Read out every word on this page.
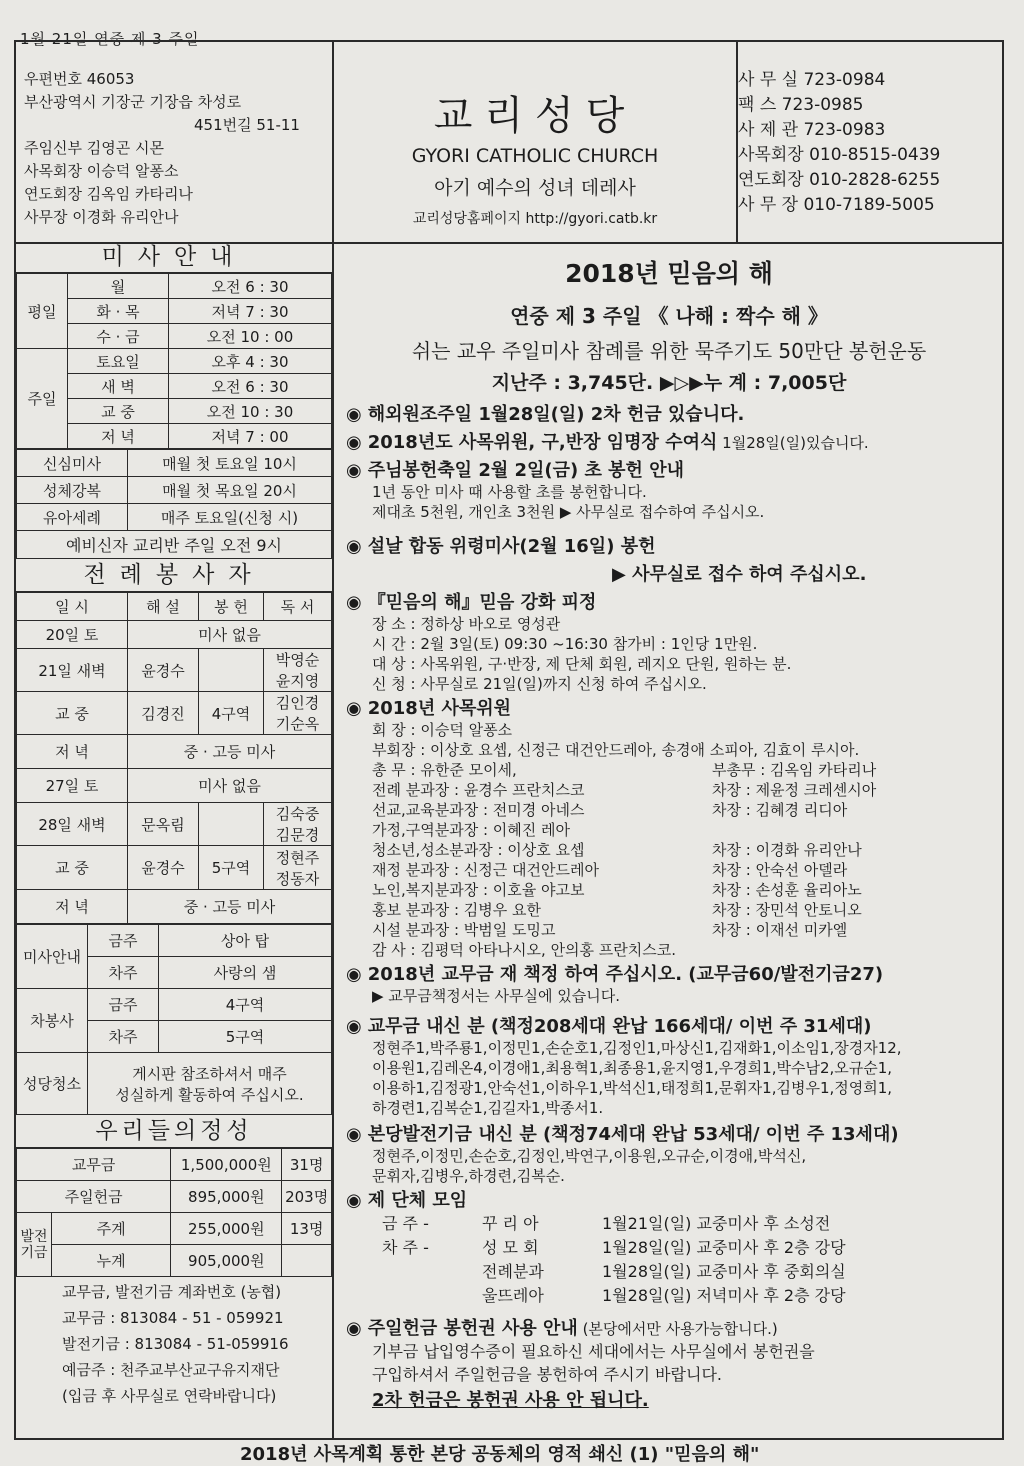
1월 21일 연중 제 3 주일
우편번호 46053
부산광역시 기장군 기장읍 차성로
451번길 51-11
주임신부 김영곤 시몬
사목회장 이승덕 알퐁소
연도회장 김옥임 카타리나
사무장 이경화 유리안나
교리성당
GYORI CATHOLIC CHURCH
아기 예수의 성녀 데레사
교리성당홈페이지 http://gyori.catb.kr
사 무 실 723-0984
팩 스 723-0985
사 제 관 723-0983
사목회장 010-8515-0439
연도회장 010-2828-6255
사 무 장 010-7189-5005
미사안내
평일	월	오전 6 : 30
	화 · 목	저녁 7 : 30
	수 · 금	오전 10 : 00
주일	토요일	오후 4 : 30
	새 벽	오전 6 : 30
	교 중	오전 10 : 30
	저 녁	저녁 7 : 00
신심미사	매월 첫 토요일 10시
성체강복	매월 첫 목요일 20시
유아세례	매주 토요일(신청 시)
예비신자 교리반 주일 오전 9시	
전례봉사자
일 시	해 설	봉 헌	독 서
20일 토	미사 없음		
21일 새벽	윤경수		박영순
윤지영

교 중	김경진	4구역	김인경
기순옥

저 녁	중 · 고등 미사		
27일 토	미사 없음		
28일 새벽	문옥림		김숙중
김문경

교 중	윤경수	5구역	정현주
정동자

저 녁	중 · 고등 미사		
미사안내	금주	상아 탑
	차주	사랑의 샘
차봉사	금주	4구역
	차주	5구역
성당청소	게시판 참조하셔서 매주
성실하게 활동하여 주십시오.	
우리들의정성
교무금		1,500,000원	31명
주일헌금		895,000원	203명
발전기금	주계	255,000원	13명
	누계	905,000원	
교무금, 발전기금 계좌번호 (농협)
교무금 : 813084 - 51 - 059921
발전기금 : 813084 - 51-059916
예금주 : 천주교부산교구유지재단
(입금 후 사무실로 연락바랍니다)
2018년 믿음의 해
연중 제 3 주일 《 나해 : 짝수 해 》
쉬는 교우 주일미사 참례를 위한 묵주기도 50만단 봉헌운동
지난주 : 3,745단. ▶▷▶누 계 : 7,005단
◉ 해외원조주일 1월28일(일) 2차 헌금 있습니다.
◉ 2018년도 사목위원, 구,반장 임명장 수여식 1월28일(일)있습니다.
◉ 주님봉헌축일 2월 2일(금) 초 봉헌 안내
1년 동안 미사 때 사용할 초를 봉헌합니다.
제대초 5천원, 개인초 3천원 ▶ 사무실로 접수하여 주십시오.
◉ 설날 합동 위령미사(2월 16일) 봉헌
▶ 사무실로 접수 하여 주십시오.
◉ 『믿음의 해』믿음 강화 피정
장 소 : 정하상 바오로 영성관
시 간 : 2월 3일(토) 09:30 ~16:30 참가비 : 1인당 1만원.
대 상 : 사목위원, 구·반장, 제 단체 회원, 레지오 단원, 원하는 분.
신 청 : 사무실로 21일(일)까지 신청 하여 주십시오.
◉ 2018년 사목위원
회 장 : 이승덕 알퐁소
부회장 : 이상호 요셉, 신정근 대건안드레아, 송경애 소피아, 김효이 루시아.
총 무 : 유한준 모이세,	부총무 : 김옥임 카타리나
전례 분과장 : 윤경수 프란치스코	차장 : 제윤정 크레센시아
선교,교육분과장 : 전미경 아네스	차장 : 김혜경 리디아
가정,구역분과장 : 이혜진 레아
청소년,성소분과장 : 이상호 요셉	차장 : 이경화 유리안나
재정 분과장 : 신정근 대건안드레아	차장 : 안숙선 아델라
노인,복지분과장 : 이호율 야고보	차장 : 손성훈 율리아노
홍보 분과장 : 김병우 요한	차장 : 장민석 안토니오
시설 분과장 : 박범일 도밍고	차장 : 이재선 미카엘
감 사 : 김평덕 아타나시오, 안의홍 프란치스코.
◉ 2018년 교무금 재 책정 하여 주십시오. (교무금60/발전기금27)
▶ 교무금책정서는 사무실에 있습니다.
◉ 교무금 내신 분 (책정208세대 완납 166세대/ 이번 주 31세대)
정현주1,박주룡1,이정민1,손순호1,김정인1,마상신1,김재화1,이소임1,장경자12,
이용원1,김레온4,이경애1,최용혁1,최종용1,윤지영1,우경희1,박수남2,오규순1,
이용하1,김정광1,안숙선1,이하우1,박석신1,태정희1,문휘자1,김병우1,정영희1,
하경련1,김복순1,김길자1,박종서1.
◉ 본당발전기금 내신 분 (책정74세대 완납 53세대/ 이번 주 13세대)
정현주,이정민,손순호,김정인,박연구,이용원,오규순,이경애,박석신,
문휘자,김병우,하경련,김복순.
◉ 제 단체 모임
금 주 -	꾸 리 아	1월21일(일) 교중미사 후 소성전
차 주 -	성 모 회	1월28일(일) 교중미사 후 2층 강당
전례분과	1월28일(일) 교중미사 후 중회의실
울뜨레아	1월28일(일) 저녁미사 후 2층 강당
◉ 주일헌금 봉헌권 사용 안내 (본당에서만 사용가능합니다.)
기부금 납입영수증이 필요하신 세대에서는 사무실에서 봉헌권을
구입하셔서 주일헌금을 봉헌하여 주시기 바랍니다.
2차 헌금은 봉헌권 사용 안 됩니다.
2018년 사목계획 통한 본당 공동체의 영적 쇄신 (1) "믿음의 해"
